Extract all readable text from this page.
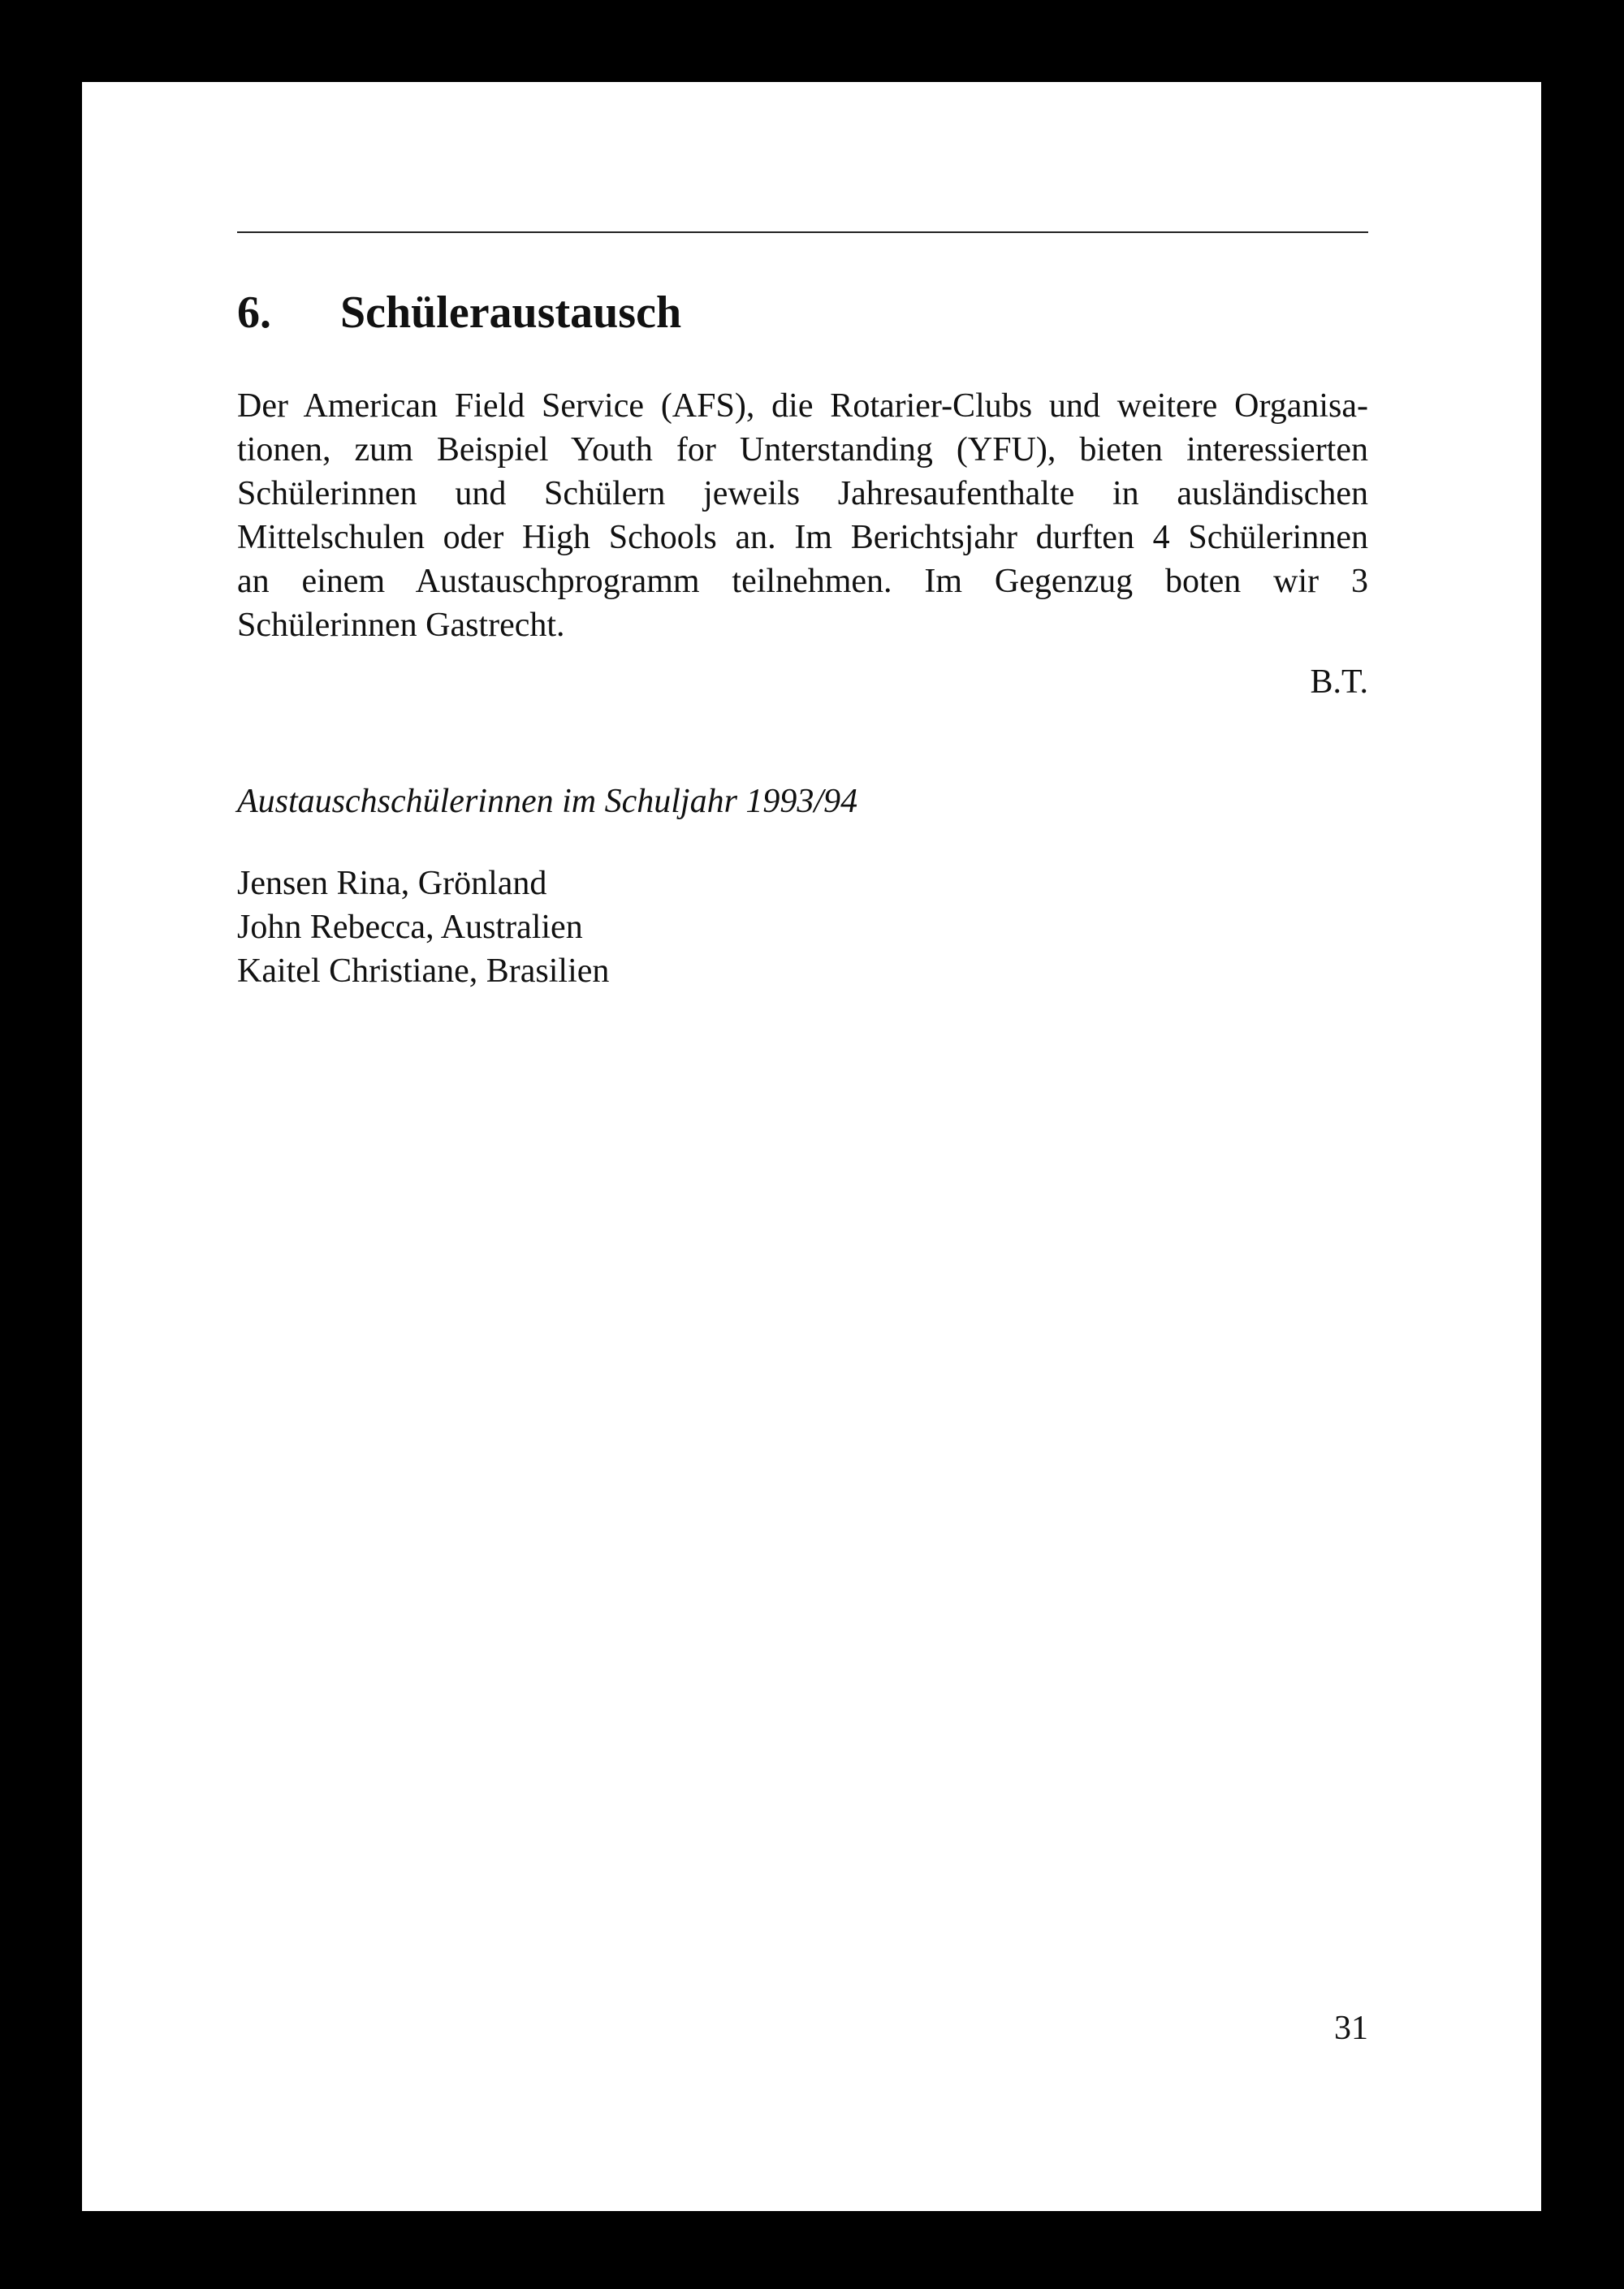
6. Schüleraustausch

Der American Field Service (AFS), die Rotarier-Clubs und weitere Organisa-
tionen, zum Beispiel Youth for Unterstanding (YFU), bieten interessierten
Schülerinnen und Schülern jeweils Jahresaufenthalte in ausländischen
Mittelschulen oder High Schools an. Im Berichtsjahr durften 4 Schülerinnen
an einem Austauschprogramm teilnehmen. Im Gegenzug boten wir 3
Schülerinnen Gastrecht.

B.T.

Austauschschülerinnen im Schuljahr 1993/94

Jensen Rina, Grönland
John Rebecca, Australien
Kaitel Christiane, Brasilien

31
